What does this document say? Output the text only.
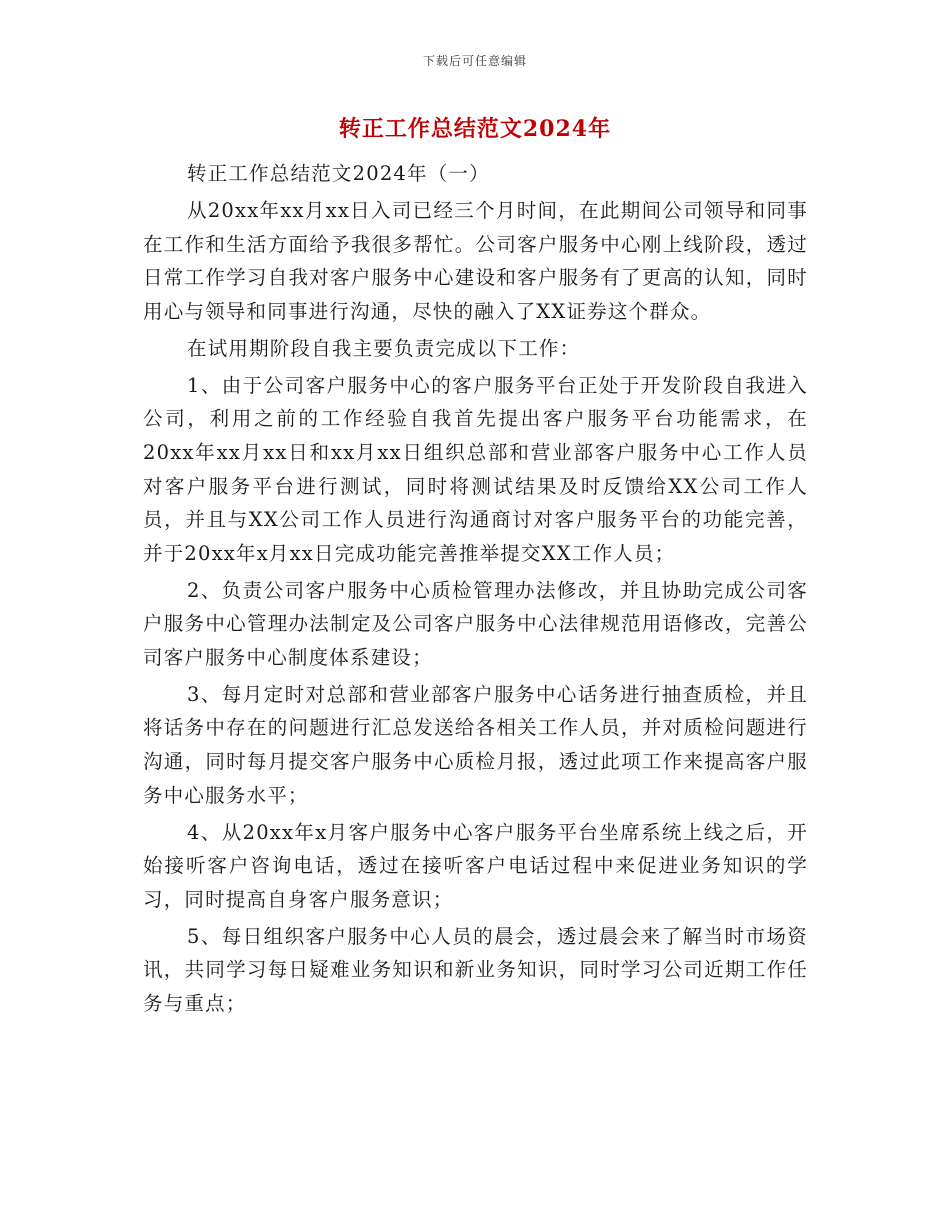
下载后可任意编辑
转正工作总结范文2024年

转正工作总结范文2024年（一）

从20xx年xx月xx日入司已经三个月时间，在此期间公司领导和同事在工作和生活方面给予我很多帮忙。公司客户服务中心刚上线阶段，透过日常工作学习自我对客户服务中心建设和客户服务有了更高的认知，同时用心与领导和同事进行沟通，尽快的融入了XX证券这个群众。

在试用期阶段自我主要负责完成以下工作：

1、由于公司客户服务中心的客户服务平台正处于开发阶段自我进入公司，利用之前的工作经验自我首先提出客户服务平台功能需求，在20xx年xx月xx日和xx月xx日组织总部和营业部客户服务中心工作人员对客户服务平台进行测试，同时将测试结果及时反馈给XX公司工作人员，并且与XX公司工作人员进行沟通商讨对客户服务平台的功能完善，并于20xx年x月xx日完成功能完善推举提交XX工作人员；

2、负责公司客户服务中心质检管理办法修改，并且协助完成公司客户服务中心管理办法制定及公司客户服务中心法律规范用语修改，完善公司客户服务中心制度体系建设；

3、每月定时对总部和营业部客户服务中心话务进行抽查质检，并且将话务中存在的问题进行汇总发送给各相关工作人员，并对质检问题进行沟通，同时每月提交客户服务中心质检月报，透过此项工作来提高客户服务中心服务水平；

4、从20xx年x月客户服务中心客户服务平台坐席系统上线之后，开始接听客户咨询电话，透过在接听客户电话过程中来促进业务知识的学习，同时提高自身客户服务意识；

5、每日组织客户服务中心人员的晨会，透过晨会来了解当时市场资讯，共同学习每日疑难业务知识和新业务知识，同时学习公司近期工作任务与重点；
